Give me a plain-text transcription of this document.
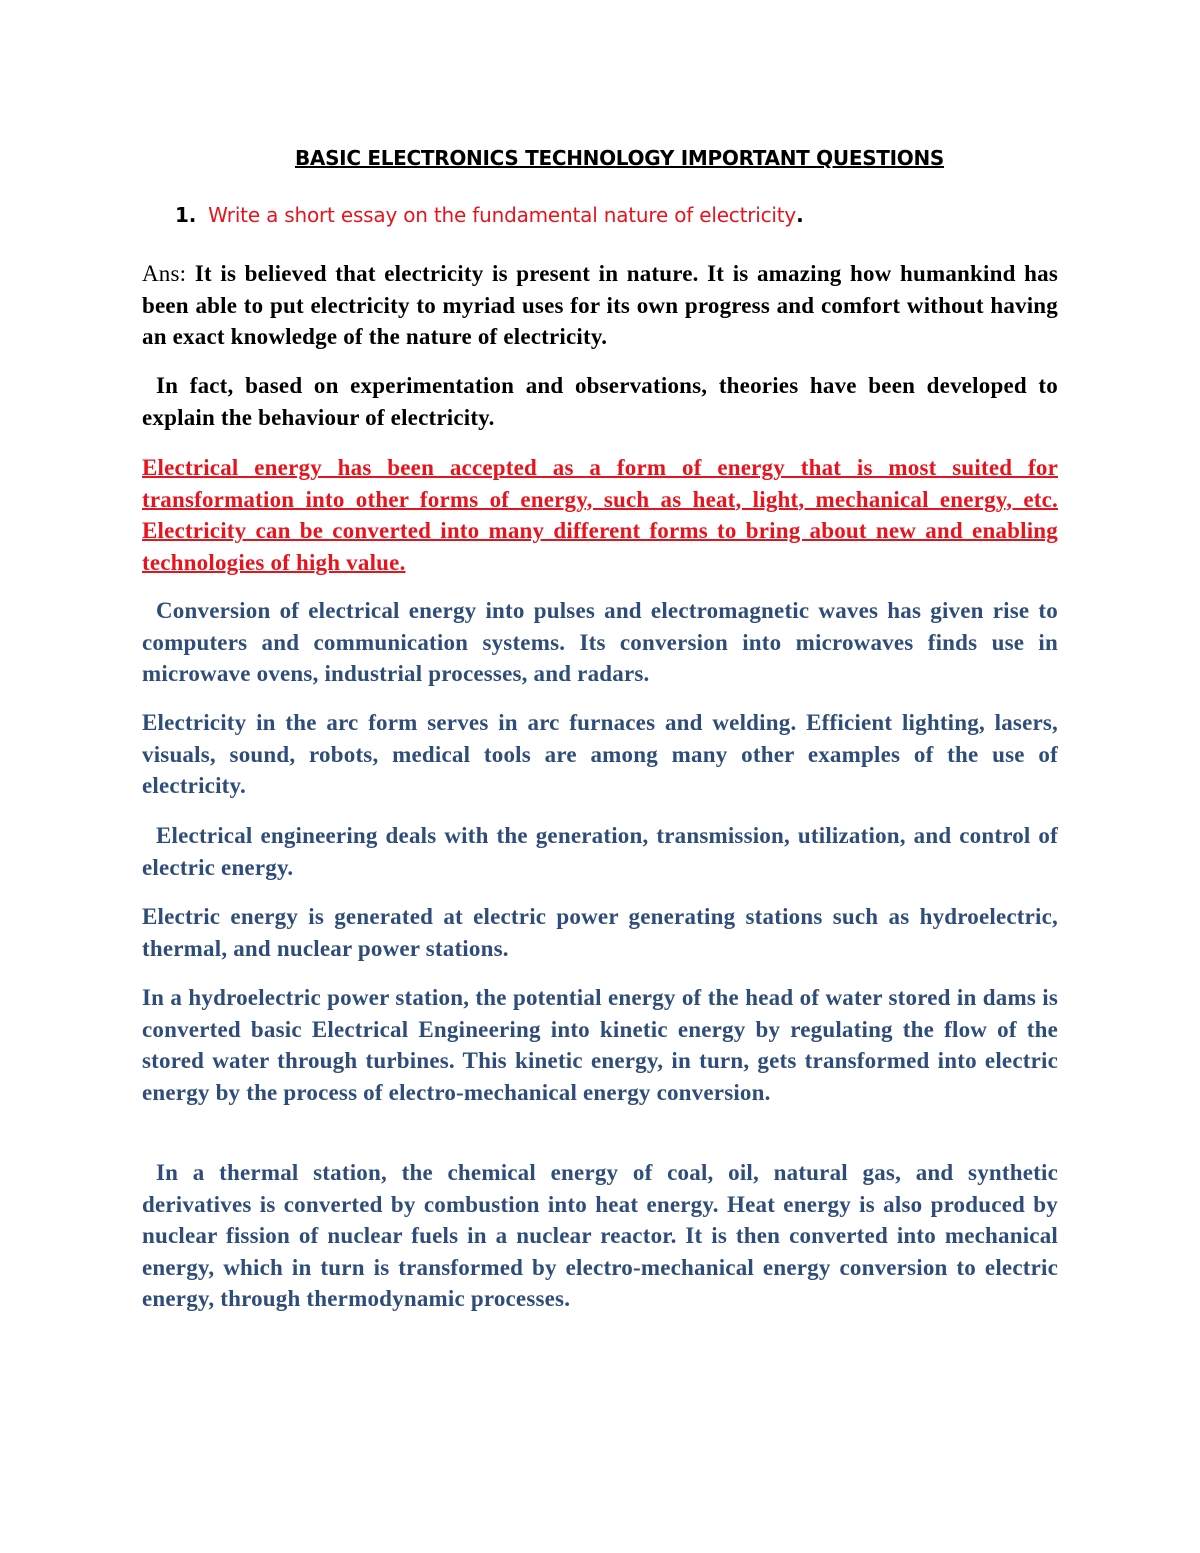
BASIC ELECTRONICS TECHNOLOGY IMPORTANT QUESTIONS

1. Write a short essay on the fundamental nature of electricity.

Ans: It is believed that electricity is present in nature. It is amazing how humankind has been able to put electricity to myriad uses for its own progress and comfort without having an exact knowledge of the nature of electricity.

In fact, based on experimentation and observations, theories have been developed to explain the behaviour of electricity.

Electrical energy has been accepted as a form of energy that is most suited for transformation into other forms of energy, such as heat, light, mechanical energy, etc. Electricity can be converted into many different forms to bring about new and enabling technologies of high value.

Conversion of electrical energy into pulses and electromagnetic waves has given rise to computers and communication systems. Its conversion into microwaves finds use in microwave ovens, industrial processes, and radars.

Electricity in the arc form serves in arc furnaces and welding. Efficient lighting, lasers, visuals, sound, robots, medical tools are among many other examples of the use of electricity.

Electrical engineering deals with the generation, transmission, utilization, and control of electric energy.

Electric energy is generated at electric power generating stations such as hydroelectric, thermal, and nuclear power stations.

In a hydroelectric power station, the potential energy of the head of water stored in dams is converted basic Electrical Engineering into kinetic energy by regulating the flow of the stored water through turbines. This kinetic energy, in turn, gets transformed into electric energy by the process of electro-mechanical energy conversion.

In a thermal station, the chemical energy of coal, oil, natural gas, and synthetic derivatives is converted by combustion into heat energy. Heat energy is also produced by nuclear fission of nuclear fuels in a nuclear reactor. It is then converted into mechanical energy, which in turn is transformed by electro-mechanical energy conversion to electric energy, through thermodynamic processes.
